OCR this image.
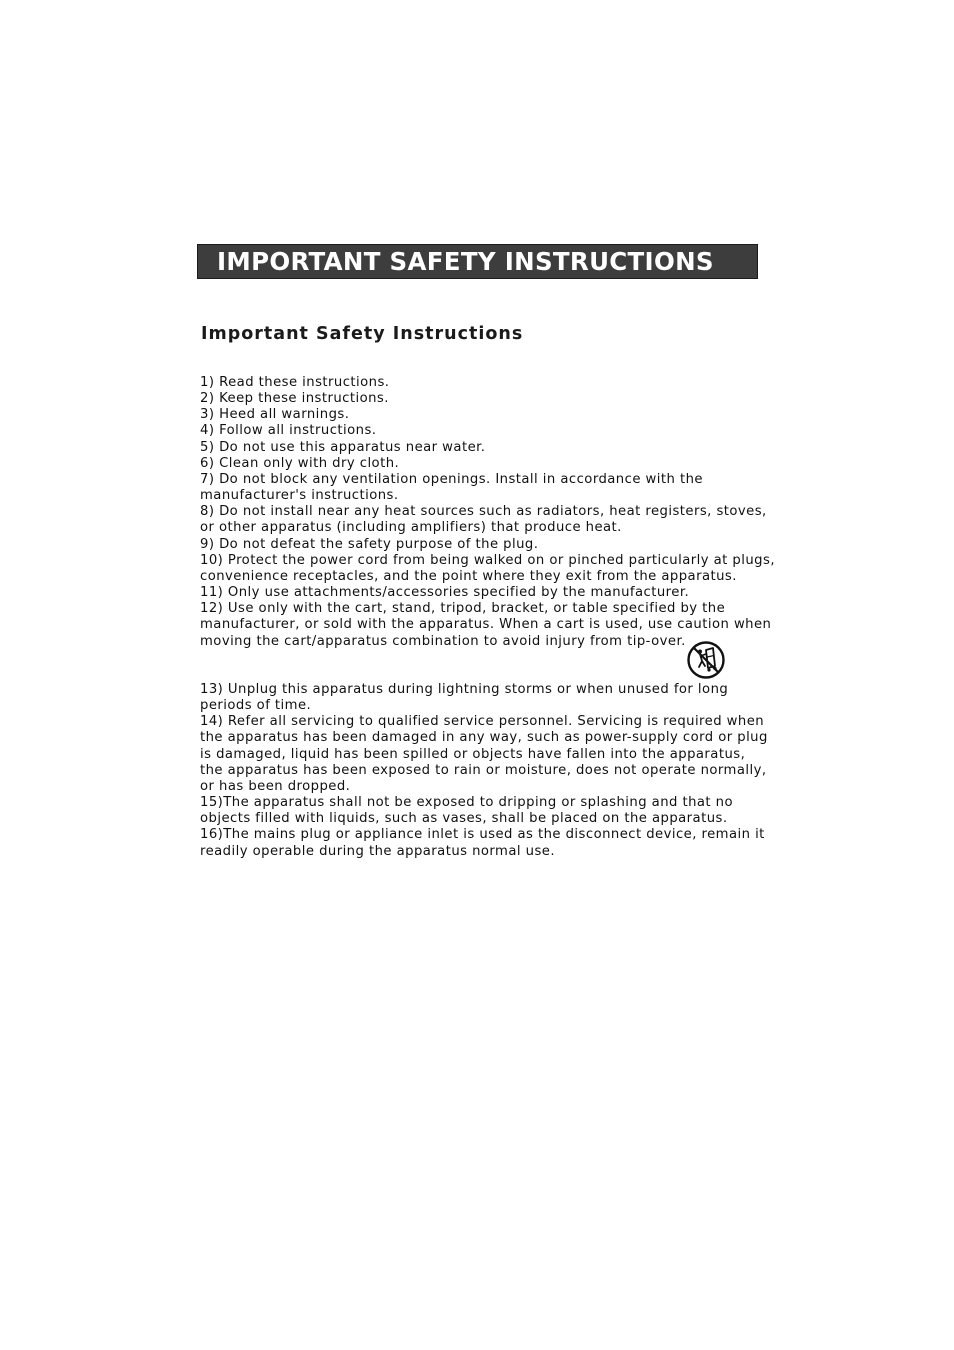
IMPORTANT SAFETY INSTRUCTIONS
Important Safety Instructions
1) Read these instructions.
2) Keep these instructions.
3) Heed all warnings.
4) Follow all instructions.
5) Do not use this apparatus near water.
6) Clean only with dry cloth.
7) Do not block any ventilation openings. Install in accordance with the
manufacturer's instructions.
8) Do not install near any heat sources such as radiators, heat registers, stoves,
or other apparatus (including amplifiers) that produce heat.
9) Do not defeat the safety purpose of the plug.
10) Protect the power cord from being walked on or pinched particularly at plugs,
convenience receptacles, and the point where they exit from the apparatus.
11) Only use attachments/accessories specified by the manufacturer.
12) Use only with the cart, stand, tripod, bracket, or table specified by the
manufacturer, or sold with the apparatus. When a cart is used, use caution when
moving the cart/apparatus combination to avoid injury from tip-over.
13) Unplug this apparatus during lightning storms or when unused for long
periods of time.
14) Refer all servicing to qualified service personnel. Servicing is required when
the apparatus has been damaged in any way, such as power-supply cord or plug
is damaged, liquid has been spilled or objects have fallen into the apparatus,
the apparatus has been exposed to rain or moisture, does not operate normally,
or has been dropped.
15)The apparatus shall not be exposed to dripping or splashing and that no
objects filled with liquids, such as vases, shall be placed on the apparatus.
16)The mains plug or appliance inlet is used as the disconnect device, remain it
readily operable during the apparatus normal use.
